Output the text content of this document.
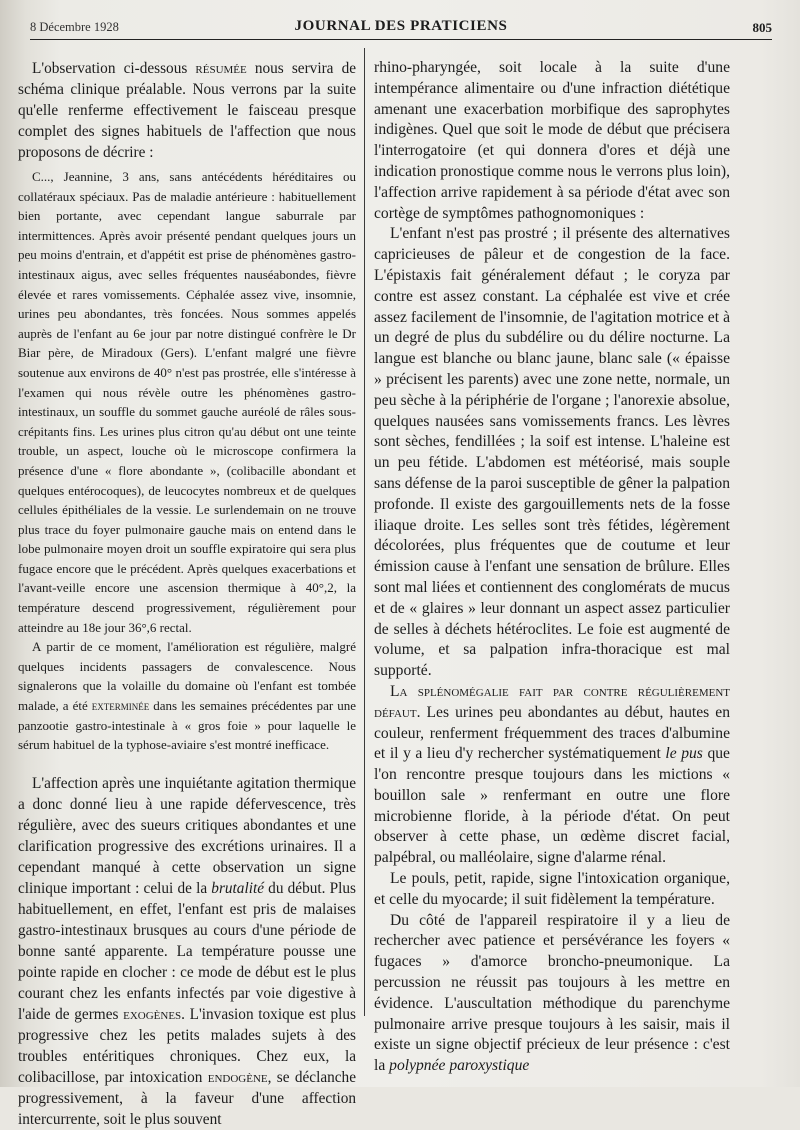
8 Décembre 1928	JOURNAL DES PRATICIENS	805

L'observation ci-dessous résumée nous servira de schéma clinique préalable. Nous verrons par la suite qu'elle renferme effectivement le faisceau presque complet des signes habituels de l'affection que nous proposons de décrire :

C..., Jeannine, 3 ans, sans antécédents héréditaires ou collatéraux spéciaux. Pas de maladie antérieure : habituellement bien portante, avec cependant langue saburrale par intermittences. Après avoir présenté pendant quelques jours un peu moins d'entrain, et d'appétit est prise de phénomènes gastro-intestinaux aigus, avec selles fréquentes nauséabondes, fièvre élevée et rares vomissements. Céphalée assez vive, insomnie, urines peu abondantes, très foncées. Nous sommes appelés auprès de l'enfant au 6e jour par notre distingué confrère le Dr Biar père, de Miradoux (Gers). L'enfant malgré une fièvre soutenue aux environs de 40° n'est pas prostrée, elle s'intéresse à l'examen qui nous révèle outre les phénomènes gastro-intestinaux, un souffle du sommet gauche auréolé de râles sous-crépitants fins. Les urines plus citron qu'au début ont une teinte trouble, un aspect, louche où le microscope confirmera la présence d'une « flore abondante », (colibacille abondant et quelques entérocoques), de leucocytes nombreux et de quelques cellules épithéliales de la vessie. Le surlendemain on ne trouve plus trace du foyer pulmonaire gauche mais on entend dans le lobe pulmonaire moyen droit un souffle expiratoire qui sera plus fugace encore que le précédent. Après quelques exacerbations et l'avant-veille encore une ascension thermique à 40°,2, la température descend progressivement, régulièrement pour atteindre au 18e jour 36°,6 rectal.

A partir de ce moment, l'amélioration est régulière, malgré quelques incidents passagers de convalescence. Nous signalerons que la volaille du domaine où l'enfant est tombée malade, a été exterminée dans les semaines précédentes par une panzootie gastro-intestinale à « gros foie » pour laquelle le sérum habituel de la typhose-aviaire s'est montré inefficace.

L'affection après une inquiétante agitation thermique a donc donné lieu à une rapide défervescence, très régulière, avec des sueurs critiques abondantes et une clarification progressive des excrétions urinaires. Il a cependant manqué à cette observation un signe clinique important : celui de la brutalité du début. Plus habituellement, en effet, l'enfant est pris de malaises gastro-intestinaux brusques au cours d'une période de bonne santé apparente. La température pousse une pointe rapide en clocher : ce mode de début est le plus courant chez les enfants infectés par voie digestive à l'aide de germes exogènes. L'invasion toxique est plus progressive chez les petits malades sujets à des troubles entéritiques chroniques. Chez eux, la colibacillose, par intoxication endogène, se déclanche progressivement, à la faveur d'une affection intercurrente, soit le plus souvent

rhino-pharyngée, soit locale à la suite d'une intempérance alimentaire ou d'une infraction diététique amenant une exacerbation morbifique des saprophytes indigènes. Quel que soit le mode de début que précisera l'interrogatoire (et qui donnera d'ores et déjà une indication pronostique comme nous le verrons plus loin), l'affection arrive rapidement à sa période d'état avec son cortège de symptômes pathognomoniques :

L'enfant n'est pas prostré ; il présente des alternatives capricieuses de pâleur et de congestion de la face. L'épistaxis fait généralement défaut ; le coryza par contre est assez constant. La céphalée est vive et crée assez facilement de l'insomnie, de l'agitation motrice et à un degré de plus du subdélire ou du délire nocturne. La langue est blanche ou blanc jaune, blanc sale (« épaisse » précisent les parents) avec une zone nette, normale, un peu sèche à la périphérie de l'organe ; l'anorexie absolue, quelques nausées sans vomissements francs. Les lèvres sont sèches, fendillées ; la soif est intense. L'haleine est un peu fétide. L'abdomen est météorisé, mais souple sans défense de la paroi susceptible de gêner la palpation profonde. Il existe des gargouillements nets de la fosse iliaque droite. Les selles sont très fétides, légèrement décolorées, plus fréquentes que de coutume et leur émission cause à l'enfant une sensation de brûlure. Elles sont mal liées et contiennent des conglomérats de mucus et de « glaires » leur donnant un aspect assez particulier de selles à déchets hétéroclites. Le foie est augmenté de volume, et sa palpation infra-thoracique est mal supporté.

La splénomégalie fait par contre régulièrement défaut. Les urines peu abondantes au début, hautes en couleur, renferment fréquemment des traces d'albumine et il y a lieu d'y rechercher systématiquement le pus que l'on rencontre presque toujours dans les mictions « bouillon sale » renfermant en outre une flore microbienne floride, à la période d'état. On peut observer à cette phase, un œdème discret facial, palpébral, ou malléolaire, signe d'alarme rénal.

Le pouls, petit, rapide, signe l'intoxication organique, et celle du myocarde; il suit fidèlement la température.

Du côté de l'appareil respiratoire il y a lieu de rechercher avec patience et persévérance les foyers « fugaces » d'amorce broncho-pneumonique. La percussion ne réussit pas toujours à les mettre en évidence. L'auscultation méthodique du parenchyme pulmonaire arrive presque toujours à les saisir, mais il existe un signe objectif précieux de leur présence : c'est la polypnée paroxystique
